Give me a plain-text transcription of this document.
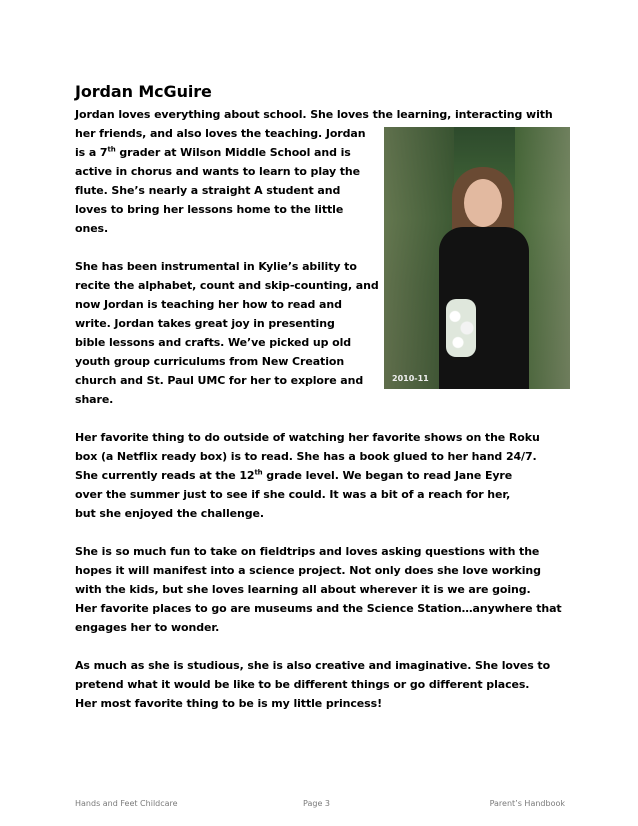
2010-11
Jordan McGuire
Jordan loves everything about school. She loves the learning, interacting with
her friends, and also loves the teaching. Jordan
is a 7th grader at Wilson Middle School and is
active in chorus and wants to learn to play the
flute. She’s nearly a straight A student and
loves to bring her lessons home to the little
ones.
She has been instrumental in Kylie’s ability to
recite the alphabet, count and skip-counting, and
now Jordan is teaching her how to read and
write. Jordan takes great joy in presenting
bible lessons and crafts. We’ve picked up old
youth group curriculums from New Creation
church and St. Paul UMC for her to explore and
share.
Her favorite thing to do outside of watching her favorite shows on the Roku
box (a Netflix ready box) is to read. She has a book glued to her hand 24/7.
She currently reads at the 12th grade level. We began to read Jane Eyre
over the summer just to see if she could. It was a bit of a reach for her,
but she enjoyed the challenge.
She is so much fun to take on fieldtrips and loves asking questions with the
hopes it will manifest into a science project. Not only does she love working
with the kids, but she loves learning all about wherever it is we are going.
Her favorite places to go are museums and the Science Station…anywhere that
engages her to wonder.
As much as she is studious, she is also creative and imaginative. She loves to
pretend what it would be like to be different things or go different places.
Her most favorite thing to be is my little princess!
Hands and Feet Childcare	Page 3	Parent’s Handbook
